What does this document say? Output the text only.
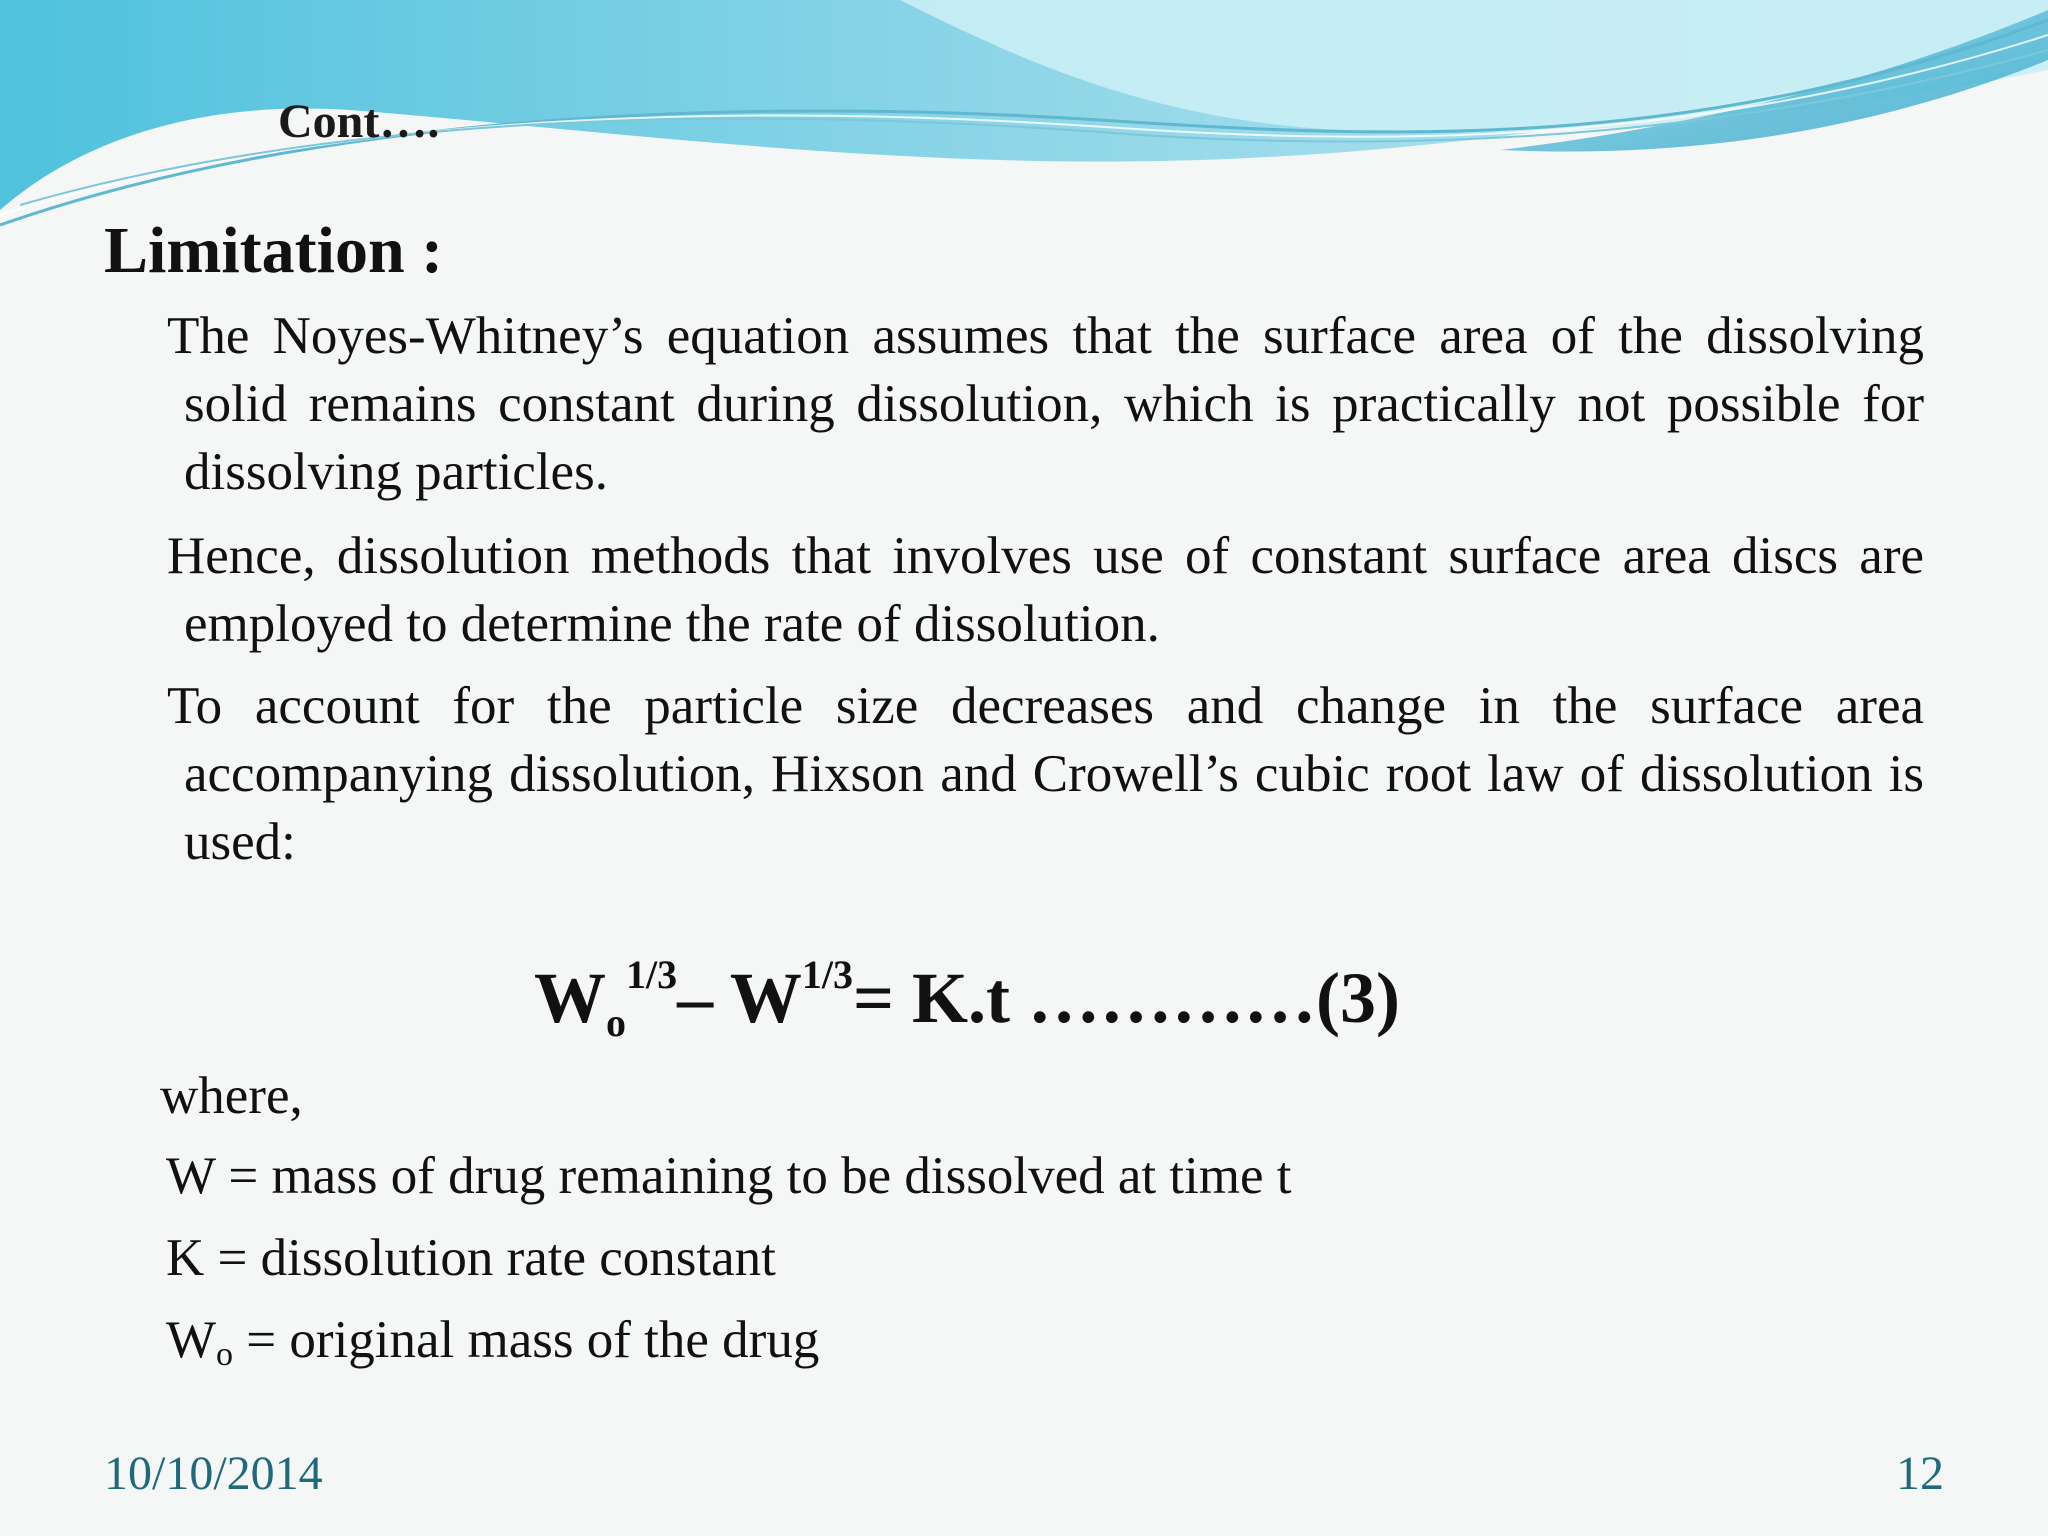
Cont….
Limitation :

The Noyes-Whitney’s equation assumes that the surface area of the dissolving solid remains constant during dissolution, which is practically not possible for dissolving particles.

Hence, dissolution methods that involves use of constant surface area discs are employed to determine the rate of dissolution.

To account for the particle size decreases and change in the surface area accompanying dissolution, Hixson and Crowell’s cubic root law of dissolution is used:

$W_o^{1/3}-$ $W^{1/3}= K.t$ …………(3)
where,
W = mass of drug remaining to be dissolved at time t
K = dissolution rate constant
$W_o$ = original mass of the drug
10/10/2014	12
